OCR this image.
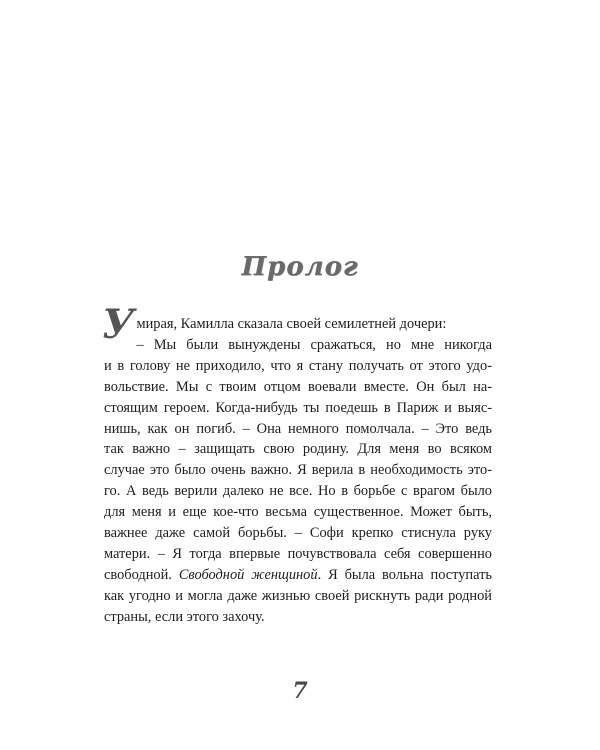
Пролог
У мирая, Камилла сказала своей семилетней дочери:
– Мы были вынуждены сражаться, но мне никогда
и в голову не приходило, что я стану получать от этого удо-
вольствие. Мы с твоим отцом воевали вместе. Он был на-
стоящим героем. Когда-нибудь ты поедешь в Париж и выяс-
нишь, как он погиб. – Она немного помолчала. – Это ведь
так важно – защищать свою родину. Для меня во всяком
случае это было очень важно. Я верила в необходимость это-
го. А ведь верили далеко не все. Но в борьбе с врагом было
для меня и еще кое-что весьма существенное. Может быть,
важнее даже самой борьбы. – Софи крепко стиснула руку
матери. – Я тогда впервые почувствовала себя совершенно
свободной. Свободной женщиной. Я была вольна поступать
как угодно и могла даже жизнью своей рискнуть ради родной
страны, если этого захочу.
7
